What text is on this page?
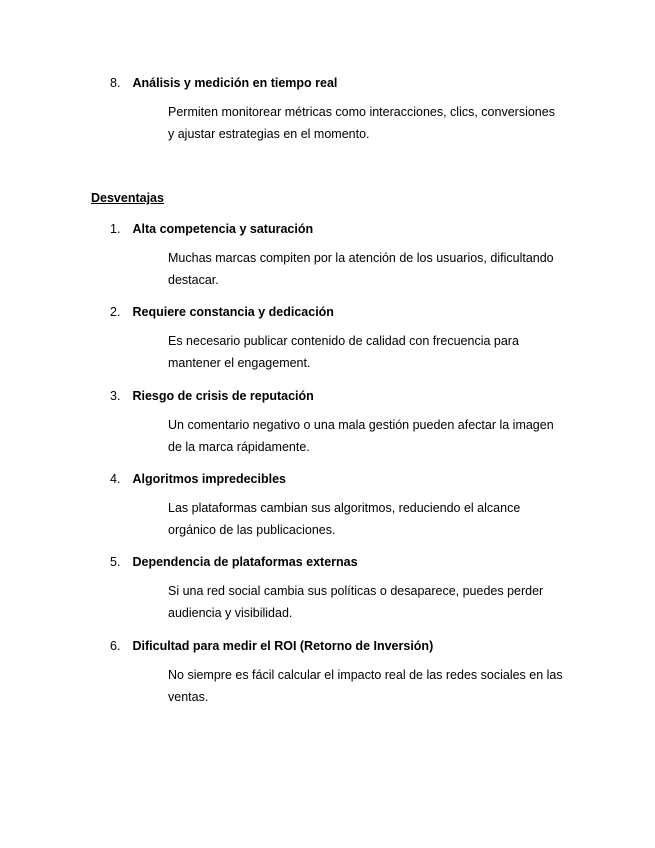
8. Análisis y medición en tiempo real
Permiten monitorear métricas como interacciones, clics, conversiones y ajustar estrategias en el momento.
Desventajas
1. Alta competencia y saturación
Muchas marcas compiten por la atención de los usuarios, dificultando destacar.
2. Requiere constancia y dedicación
Es necesario publicar contenido de calidad con frecuencia para mantener el engagement.
3. Riesgo de crisis de reputación
Un comentario negativo o una mala gestión pueden afectar la imagen de la marca rápidamente.
4. Algoritmos impredecibles
Las plataformas cambian sus algoritmos, reduciendo el alcance orgánico de las publicaciones.
5. Dependencia de plataformas externas
Si una red social cambia sus políticas o desaparece, puedes perder audiencia y visibilidad.
6. Dificultad para medir el ROI (Retorno de Inversión)
No siempre es fácil calcular el impacto real de las redes sociales en las ventas.
